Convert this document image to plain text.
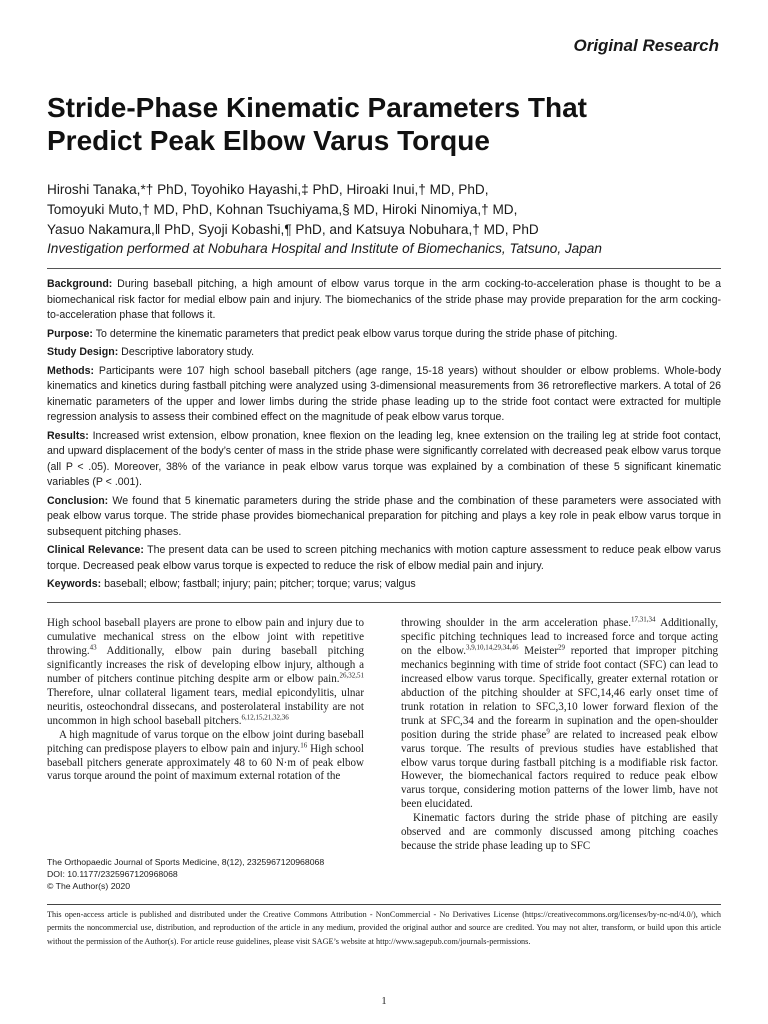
Original Research
Stride-Phase Kinematic Parameters That
Predict Peak Elbow Varus Torque
Hiroshi Tanaka,*† PhD, Toyohiko Hayashi,‡ PhD, Hiroaki Inui,† MD, PhD,
Tomoyuki Muto,† MD, PhD, Kohnan Tsuchiyama,§ MD, Hiroki Ninomiya,† MD,
Yasuo Nakamura,‖ PhD, Syoji Kobashi,¶ PhD, and Katsuya Nobuhara,† MD, PhD
Investigation performed at Nobuhara Hospital and Institute of Biomechanics, Tatsuno, Japan

Background: During baseball pitching, a high amount of elbow varus torque in the arm cocking-to-acceleration phase is thought to be a biomechanical risk factor for medial elbow pain and injury. The biomechanics of the stride phase may provide preparation for the arm cocking-to-acceleration phase that follows it.

Purpose: To determine the kinematic parameters that predict peak elbow varus torque during the stride phase of pitching.

Study Design: Descriptive laboratory study.

Methods: Participants were 107 high school baseball pitchers (age range, 15-18 years) without shoulder or elbow problems. Whole-body kinematics and kinetics during fastball pitching were analyzed using 3-dimensional measurements from 36 retroreflective markers. A total of 26 kinematic parameters of the upper and lower limbs during the stride phase leading up to the stride foot contact were extracted for multiple regression analysis to assess their combined effect on the magnitude of peak elbow varus torque.

Results: Increased wrist extension, elbow pronation, knee flexion on the leading leg, knee extension on the trailing leg at stride foot contact, and upward displacement of the body’s center of mass in the stride phase were significantly correlated with decreased peak elbow varus torque (all P < .05). Moreover, 38% of the variance in peak elbow varus torque was explained by a combination of these 5 significant kinematic variables (P < .001).

Conclusion: We found that 5 kinematic parameters during the stride phase and the combination of these parameters were associated with peak elbow varus torque. The stride phase provides biomechanical preparation for pitching and plays a key role in peak elbow varus torque in subsequent pitching phases.

Clinical Relevance: The present data can be used to screen pitching mechanics with motion capture assessment to reduce peak elbow varus torque. Decreased peak elbow varus torque is expected to reduce the risk of elbow medial pain and injury.

Keywords: baseball; elbow; fastball; injury; pain; pitcher; torque; varus; valgus

High school baseball players are prone to elbow pain and injury due to cumulative mechanical stress on the elbow joint with repetitive throwing.$^{43}$ Additionally, elbow pain during baseball pitching significantly increases the risk of developing elbow injury, although a number of pitchers continue pitching despite arm or elbow pain.$^{26,32,51}$ Therefore, ulnar collateral ligament tears, medial epicondylitis, ulnar neuritis, osteochondral dissecans, and posterolateral instability are not uncommon in high school baseball pitchers.$^{6,12,15,21,32,36}$

A high magnitude of varus torque on the elbow joint during baseball pitching can predispose players to elbow pain and injury.$^{16}$ High school baseball pitchers generate approximately 48 to 60 N·m of peak elbow varus torque around the point of maximum external rotation of the

throwing shoulder in the arm acceleration phase.$^{17,31,34}$ Additionally, specific pitching techniques lead to increased force and torque acting on the elbow.$^{3,9,10,14,29,34,46}$ Meister$^{29}$ reported that improper pitching mechanics beginning with time of stride foot contact (SFC) can lead to increased elbow varus torque. Specifically, greater external rotation or abduction of the pitching shoulder at SFC,14,46 early onset time of trunk rotation in relation to SFC,3,10 lower forward flexion of the trunk at SFC,34 and the forearm in supination and the open-shoulder position during the stride phase$^9$ are related to increased peak elbow varus torque. The results of previous studies have established that elbow varus torque during fastball pitching is a modifiable risk factor. However, the biomechanical factors required to reduce peak elbow varus torque, considering motion patterns of the lower limb, have not been elucidated.

Kinematic factors during the stride phase of pitching are easily observed and are commonly discussed among pitching coaches because the stride phase leading up to SFC

The Orthopaedic Journal of Sports Medicine, 8(12), 2325967120968068
DOI: 10.1177/2325967120968068
© The Author(s) 2020
This open-access article is published and distributed under the Creative Commons Attribution - NonCommercial - No Derivatives License (https://creativecommons.org/licenses/by-nc-nd/4.0/), which permits the noncommercial use, distribution, and reproduction of the article in any medium, provided the original author and source are credited. You may not alter, transform, or build upon this article without the permission of the Author(s). For article reuse guidelines, please visit SAGE’s website at http://www.sagepub.com/journals-permissions.
1
